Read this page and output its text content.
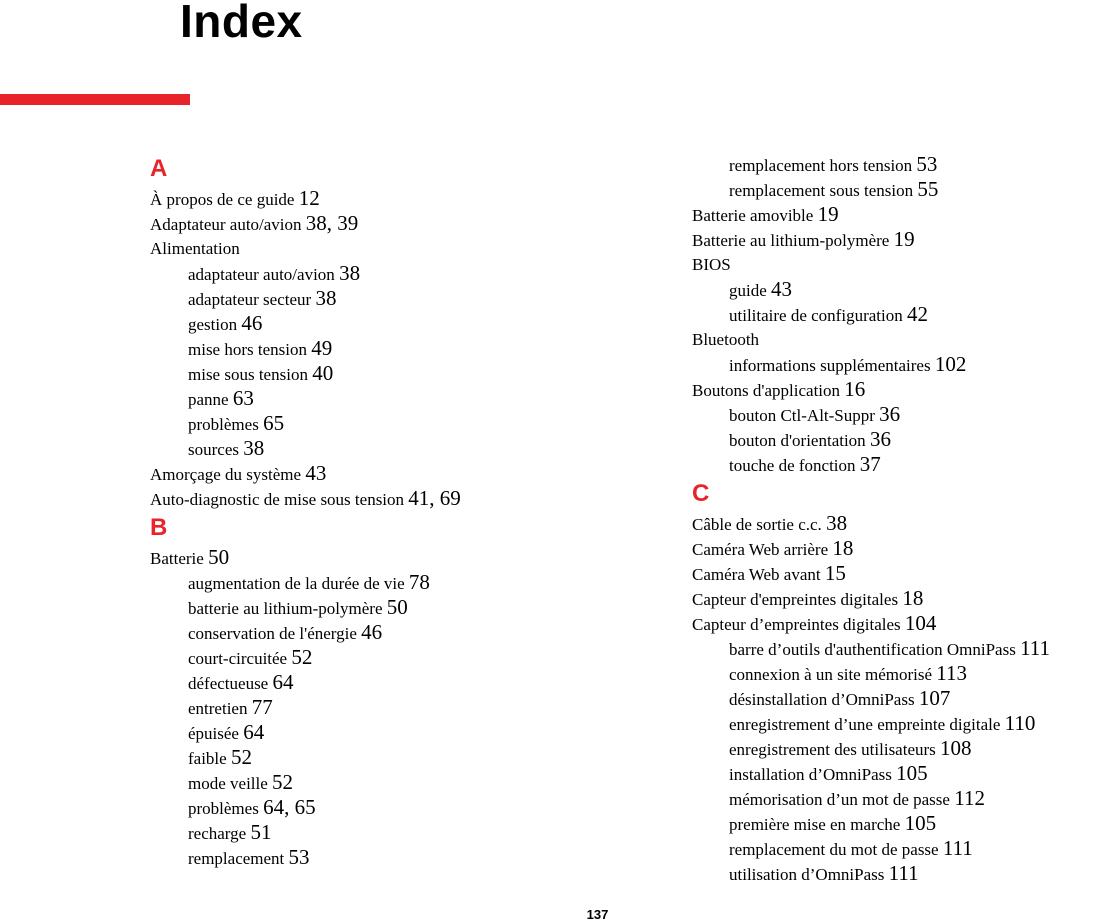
Index
A
À propos de ce guide 12
Adaptateur auto/avion 38, 39
Alimentation
adaptateur auto/avion 38
adaptateur secteur 38
gestion 46
mise hors tension 49
mise sous tension 40
panne 63
problèmes 65
sources 38
Amorçage du système 43
Auto-diagnostic de mise sous tension 41, 69
B
Batterie 50
augmentation de la durée de vie 78
batterie au lithium-polymère 50
conservation de l'énergie 46
court-circuitée 52
défectueuse 64
entretien 77
épuisée 64
faible 52
mode veille 52
problèmes 64, 65
recharge 51
remplacement 53
remplacement hors tension 53
remplacement sous tension 55
Batterie amovible 19
Batterie au lithium-polymère 19
BIOS
guide 43
utilitaire de configuration 42
Bluetooth
informations supplémentaires 102
Boutons d'application 16
bouton Ctl-Alt-Suppr 36
bouton d'orientation 36
touche de fonction 37
C
Câble de sortie c.c. 38
Caméra Web arrière 18
Caméra Web avant 15
Capteur d'empreintes digitales 18
Capteur d’empreintes digitales 104
barre d’outils d'authentification OmniPass 111
connexion à un site mémorisé 113
désinstallation d’OmniPass 107
enregistrement d’une empreinte digitale 110
enregistrement des utilisateurs 108
installation d’OmniPass 105
mémorisation d’un mot de passe 112
première mise en marche 105
remplacement du mot de passe 111
utilisation d’OmniPass 111
137
